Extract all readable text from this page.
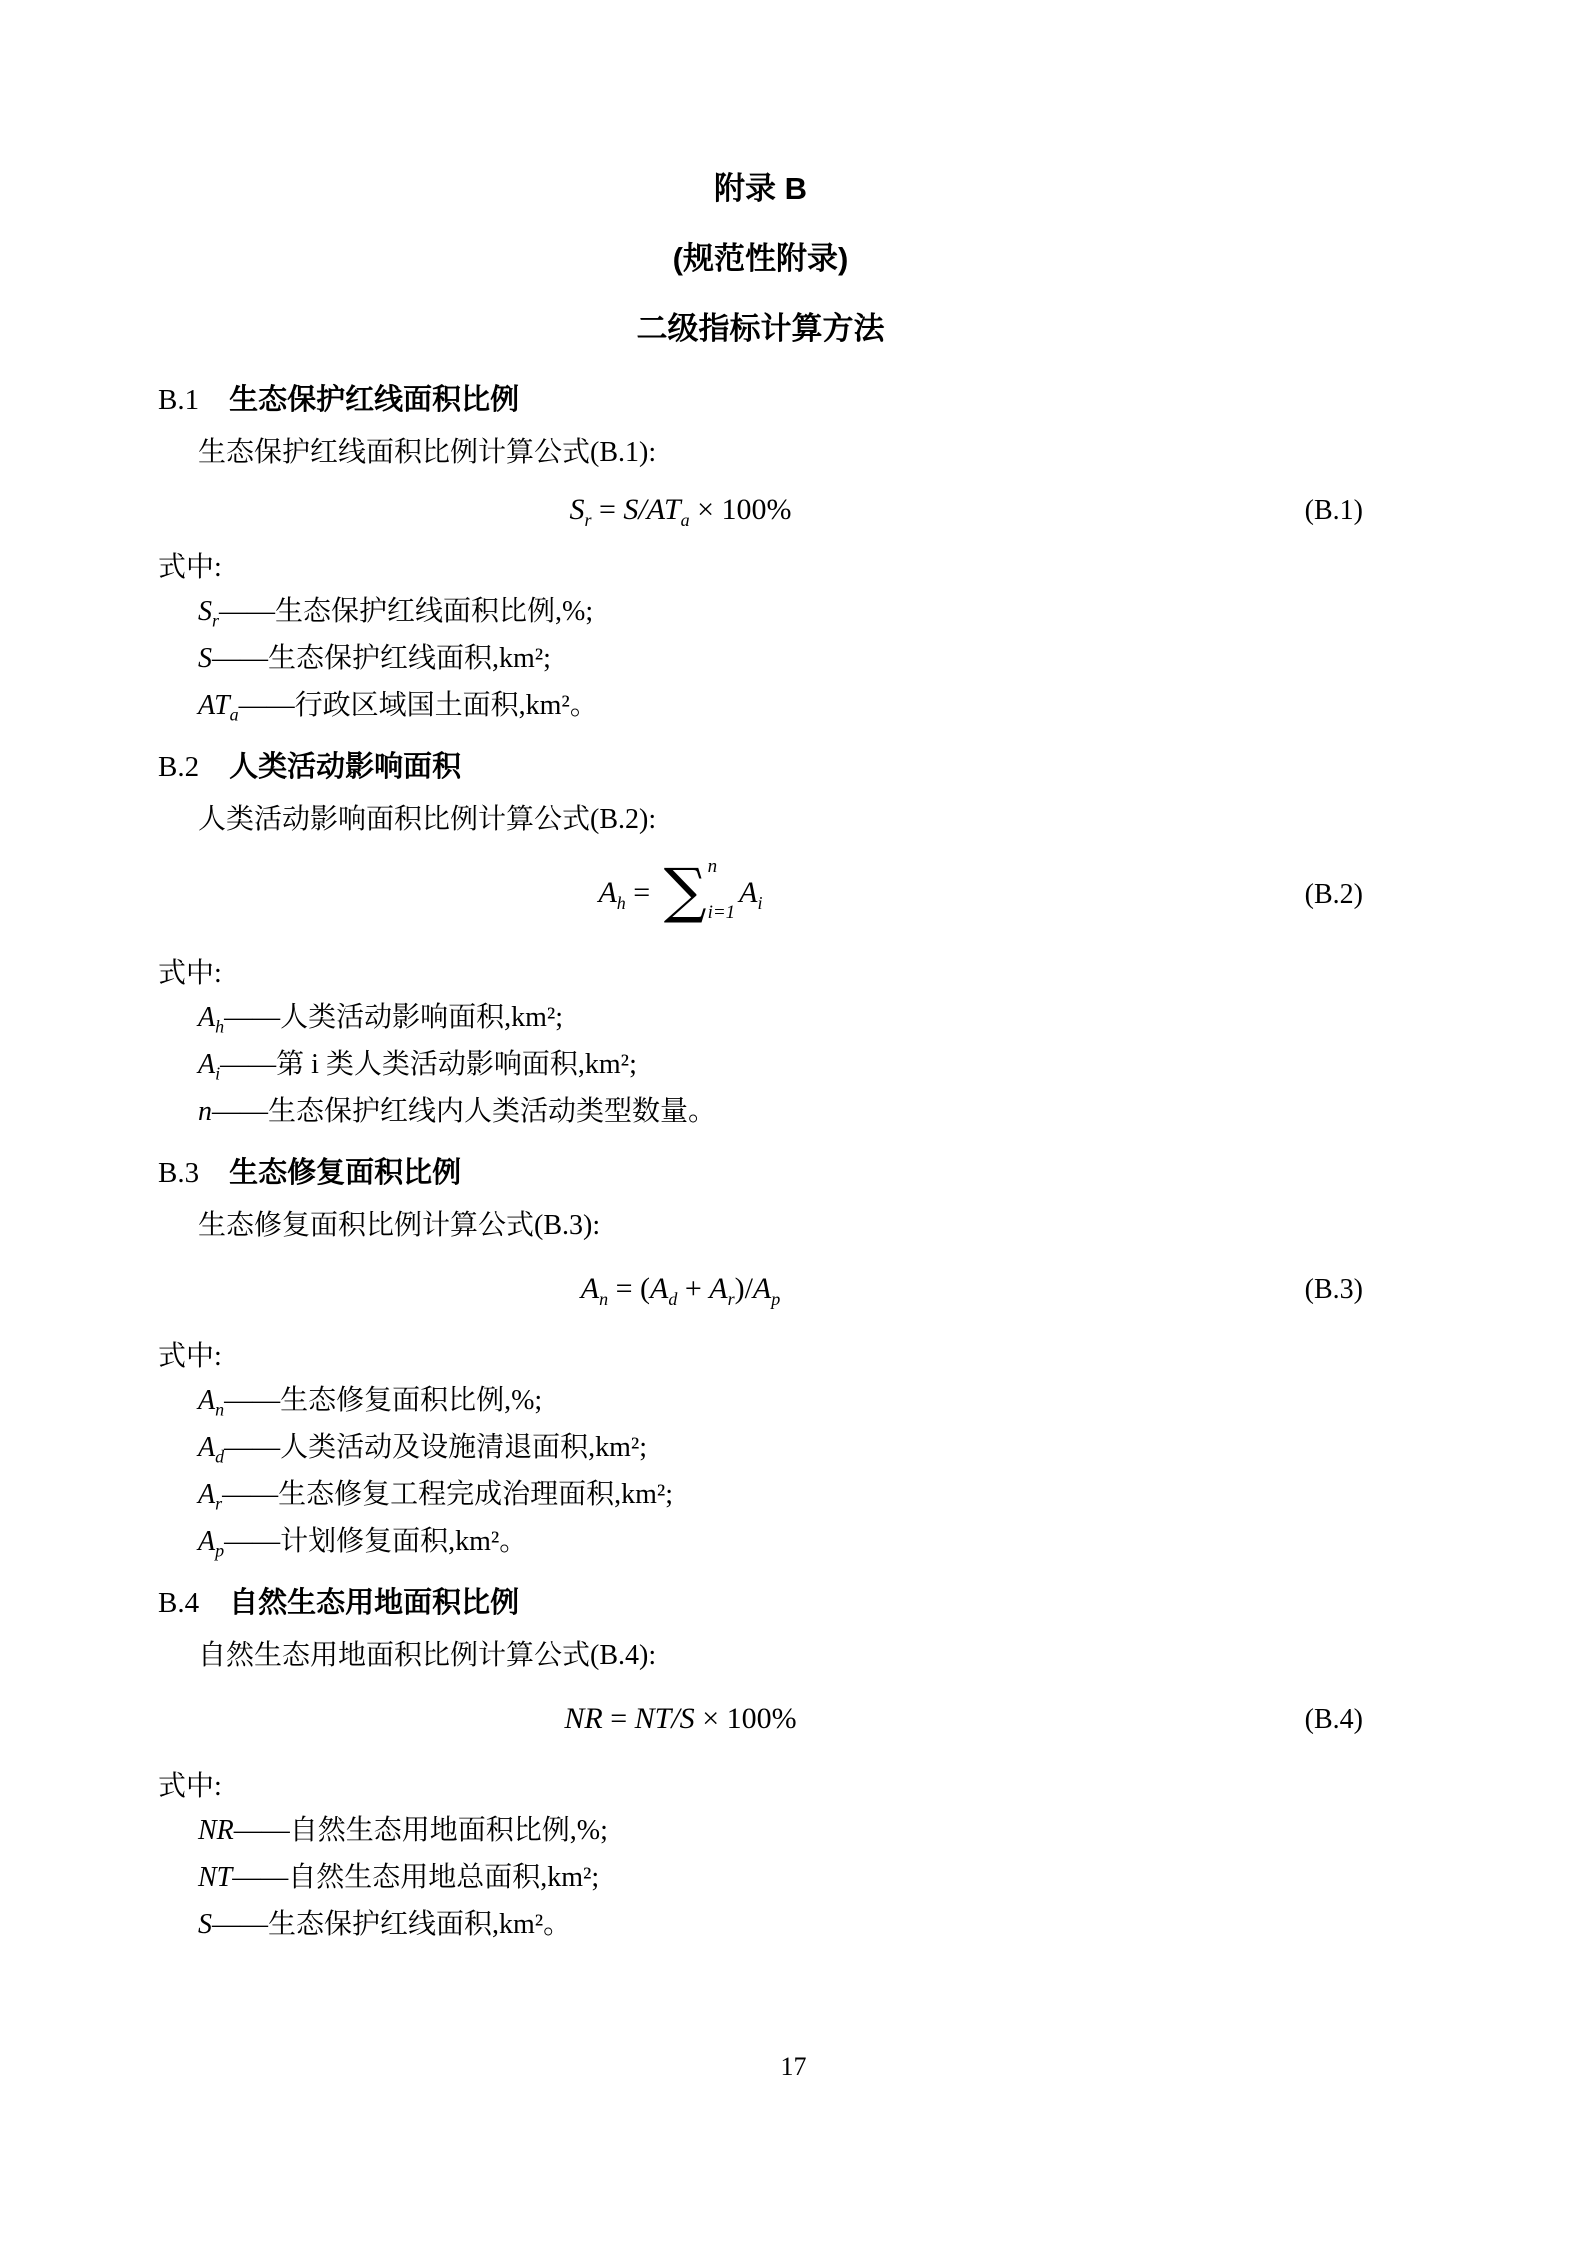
附录 B
(规范性附录)
二级指标计算方法
B.1 生态保护红线面积比例

生态保护红线面积比例计算公式(B.1):

$S_r = S/AT_a \times 100\%$	(B.1)

式中:

$S_r——$生态保护红线面积比例,%;

S——生态保护红线面积,km²;

$AT_a——$行政区域国土面积,km²。

B.2 人类活动影响面积

人类活动影响面积比例计算公式(B.2):

$A_h$ = ∑ n
i=1
$A_i$	(B.2)

式中:

$A_h——$人类活动影响面积,km²;

$A_i——$第 i 类人类活动影响面积,km²;

n——生态保护红线内人类活动类型数量。

B.3 生态修复面积比例

生态修复面积比例计算公式(B.3):

$A_n = (A_d + A_r)/A_p$	(B.3)

式中:

$A_n——$生态修复面积比例,%;

$A_d——$人类活动及设施清退面积,km²;

$A_r——$生态修复工程完成治理面积,km²;

$A_p——$计划修复面积,km²。

B.4 自然生态用地面积比例

自然生态用地面积比例计算公式(B.4):

NR = NT/S × 100%	(B.4)

式中:

NR——自然生态用地面积比例,%;

NT——自然生态用地总面积,km²;

S——生态保护红线面积,km²。

17
